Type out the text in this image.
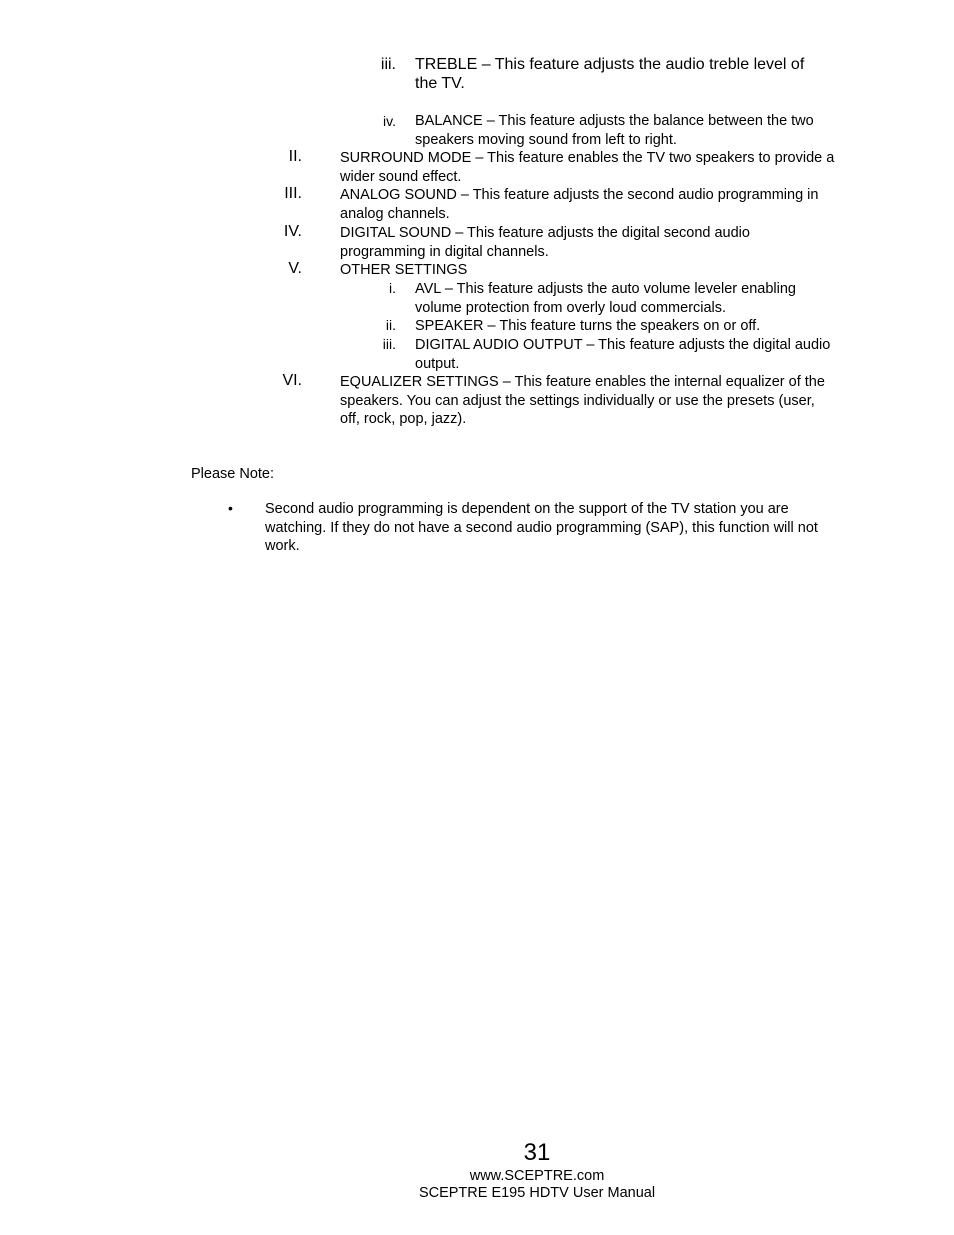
iii. TREBLE – This feature adjusts the audio treble level of the TV.
iv. BALANCE – This feature adjusts the balance between the two speakers moving sound from left to right.
II.	SURROUND MODE – This feature enables the TV two speakers to provide a wider sound effect.
III.	ANALOG SOUND – This feature adjusts the second audio programming in analog channels.
IV.	DIGITAL SOUND – This feature adjusts the digital second audio programming in digital channels.
V.	OTHER SETTINGS
i. AVL – This feature adjusts the auto volume leveler enabling volume protection from overly loud commercials.
ii. SPEAKER – This feature turns the speakers on or off.
iii. DIGITAL AUDIO OUTPUT – This feature adjusts the digital audio output.
VI.	EQUALIZER SETTINGS – This feature enables the internal equalizer of the speakers. You can adjust the settings individually or use the presets (user, off, rock, pop, jazz).
Please Note:
• Second audio programming is dependent on the support of the TV station you are watching. If they do not have a second audio programming (SAP), this function will not work.
31
www.SCEPTRE.com
SCEPTRE E195 HDTV User Manual
